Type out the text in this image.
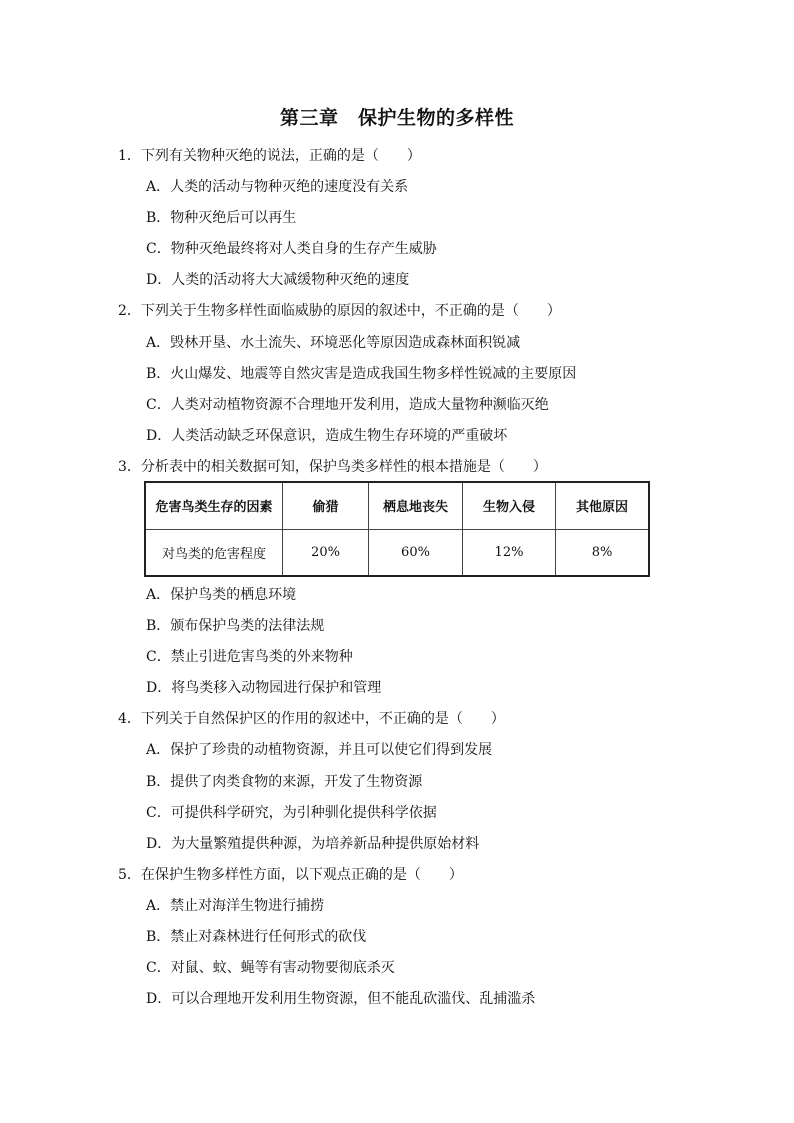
第三章　保护生物的多样性
1．下列有关物种灭绝的说法，正确的是（　　）
A．人类的活动与物种灭绝的速度没有关系
B．物种灭绝后可以再生
C．物种灭绝最终将对人类自身的生存产生威胁
D．人类的活动将大大减缓物种灭绝的速度
2．下列关于生物多样性面临威胁的原因的叙述中，不正确的是（　　）
A．毁林开垦、水土流失、环境恶化等原因造成森林面积锐减
B．火山爆发、地震等自然灾害是造成我国生物多样性锐减的主要原因
C．人类对动植物资源不合理地开发利用，造成大量物种濒临灭绝
D．人类活动缺乏环保意识，造成生物生存环境的严重破坏
3．分析表中的相关数据可知，保护鸟类多样性的根本措施是（　　）
危害鸟类生存的因素	偷猎	栖息地丧失	生物入侵	其他原因
对鸟类的危害程度	20%	60%	12%	8%
A．保护鸟类的栖息环境
B．颁布保护鸟类的法律法规
C．禁止引进危害鸟类的外来物种
D．将鸟类移入动物园进行保护和管理
4．下列关于自然保护区的作用的叙述中，不正确的是（　　）
A．保护了珍贵的动植物资源，并且可以使它们得到发展
B．提供了肉类食物的来源，开发了生物资源
C．可提供科学研究，为引种驯化提供科学依据
D．为大量繁殖提供种源，为培养新品种提供原始材料
5．在保护生物多样性方面，以下观点正确的是（　　）
A．禁止对海洋生物进行捕捞
B．禁止对森林进行任何形式的砍伐
C．对鼠、蚊、蝇等有害动物要彻底杀灭
D．可以合理地开发利用生物资源，但不能乱砍滥伐、乱捕滥杀
